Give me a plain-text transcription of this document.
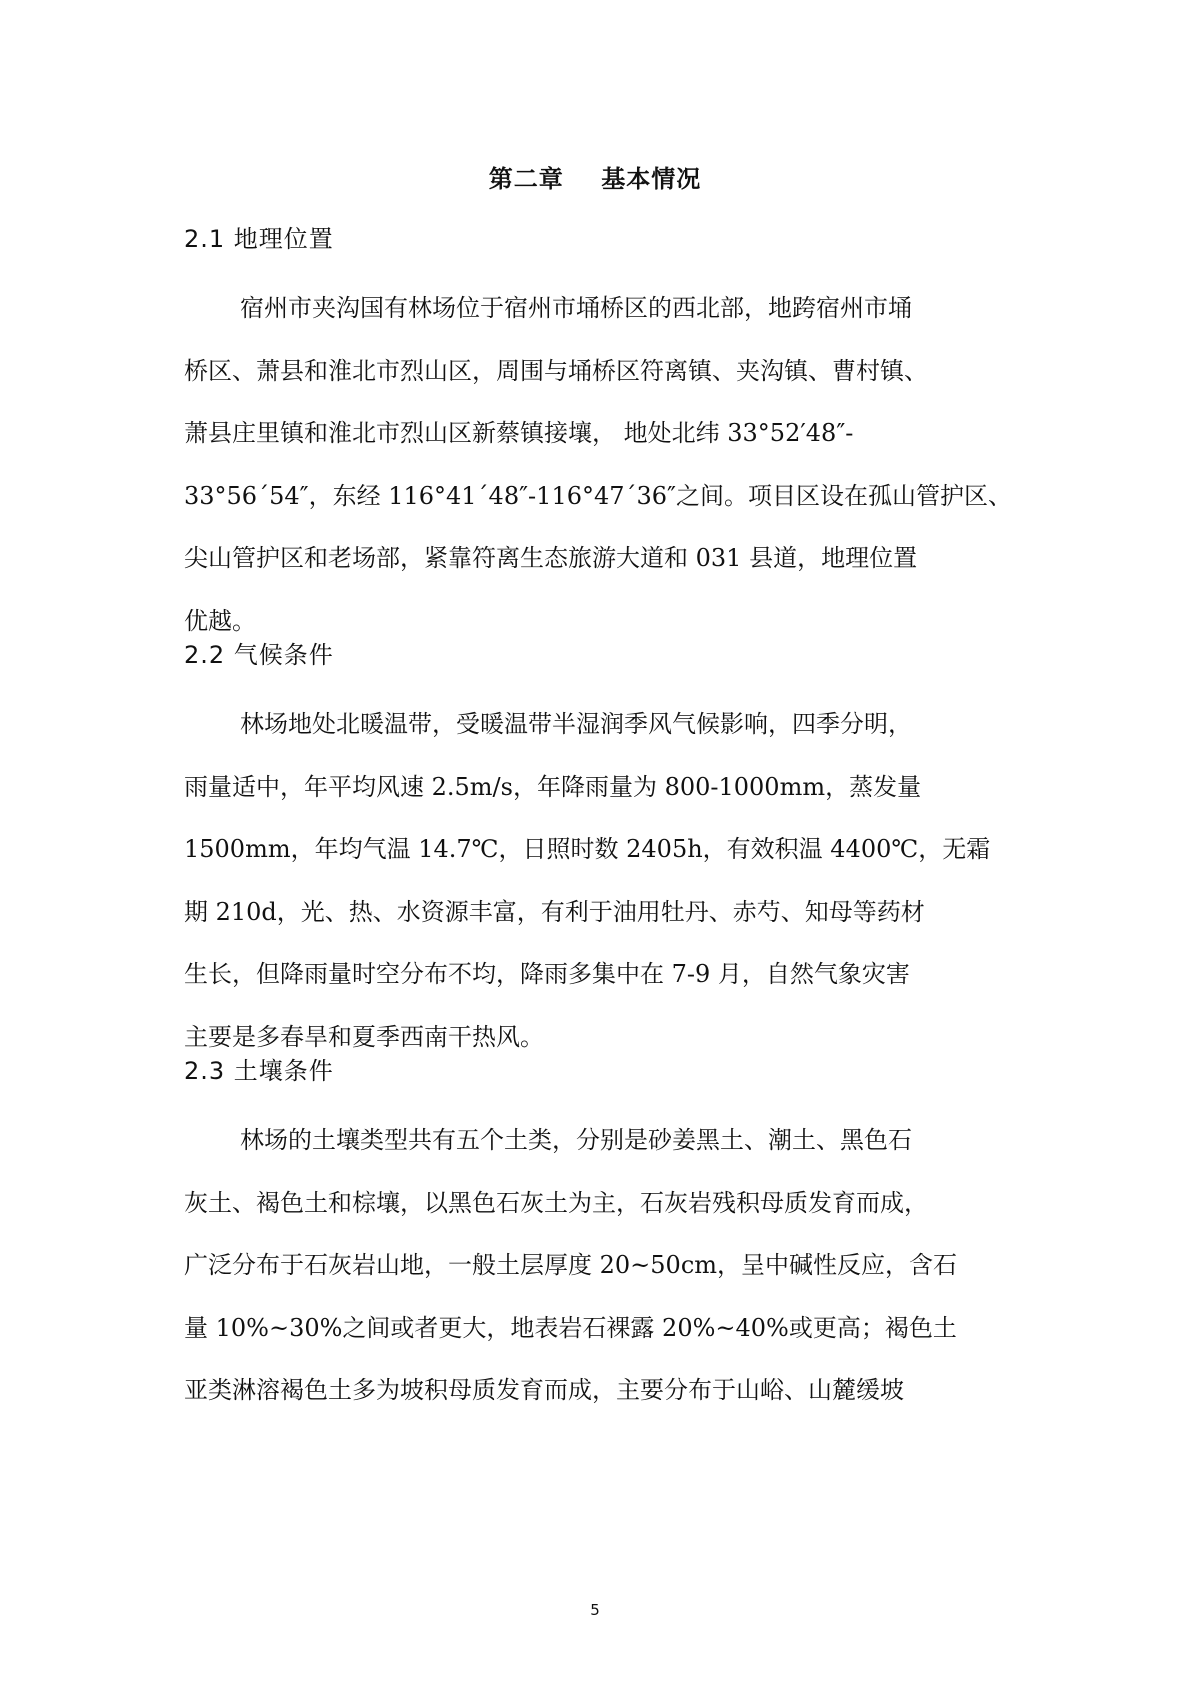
第二章    基本情况
2.1 地理位置
宿州市夹沟国有林场位于宿州市埇桥区的西北部，地跨宿州市埇
桥区、萧县和淮北市烈山区，周围与埇桥区符离镇、夹沟镇、曹村镇、
萧县庄里镇和淮北市烈山区新蔡镇接壤， 地处北纬 33°52′48″-
33°56´54″，东经 116°41´48″-116°47´36″之间。项目区设在孤山管护区、
尖山管护区和老场部，紧靠符离生态旅游大道和 031 县道，地理位置
优越。
2.2 气候条件
林场地处北暖温带，受暖温带半湿润季风气候影响，四季分明，
雨量适中，年平均风速 2.5m/s，年降雨量为 800-1000mm，蒸发量
1500mm，年均气温 14.7℃，日照时数 2405h，有效积温 4400℃，无霜
期 210d，光、热、水资源丰富，有利于油用牡丹、赤芍、知母等药材
生长，但降雨量时空分布不均，降雨多集中在 7-9 月，自然气象灾害
主要是多春旱和夏季西南干热风。
2.3 土壤条件
林场的土壤类型共有五个土类，分别是砂姜黑土、潮土、黑色石
灰土、褐色土和棕壤，以黑色石灰土为主，石灰岩残积母质发育而成，
广泛分布于石灰岩山地，一般土层厚度 20~50cm，呈中碱性反应，含石
量 10%~30%之间或者更大，地表岩石裸露 20%~40%或更高；褐色土
亚类淋溶褐色土多为坡积母质发育而成，主要分布于山峪、山麓缓坡
5
